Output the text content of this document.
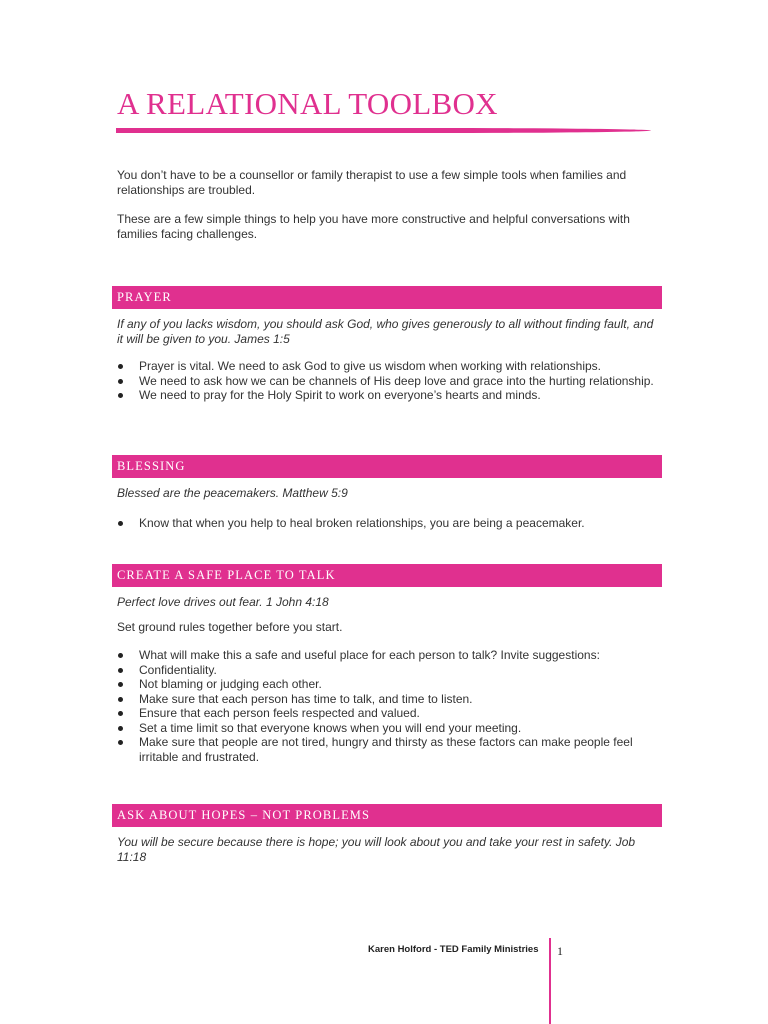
A RELATIONAL TOOLBOX

You don’t have to be a counsellor or family therapist to use a few simple tools when families and relationships are troubled.

These are a few simple things to help you have more constructive and helpful conversations with families facing challenges.

PRAYER

If any of you lacks wisdom, you should ask God, who gives generously to all without finding fault, and it will be given to you. James 1:5

Prayer is vital. We need to ask God to give us wisdom when working with relationships.
We need to ask how we can be channels of His deep love and grace into the hurting relationship.
We need to pray for the Holy Spirit to work on everyone’s hearts and minds.
BLESSING

Blessed are the peacemakers. Matthew 5:9

Know that when you help to heal broken relationships, you are being a peacemaker.
CREATE A SAFE PLACE TO TALK

Perfect love drives out fear. 1 John 4:18

Set ground rules together before you start.

What will make this a safe and useful place for each person to talk? Invite suggestions:
Confidentiality.
Not blaming or judging each other.
Make sure that each person has time to talk, and time to listen.
Ensure that each person feels respected and valued.
Set a time limit so that everyone knows when you will end your meeting.
Make sure that people are not tired, hungry and thirsty as these factors can make people feel irritable and frustrated.
ASK ABOUT HOPES – NOT PROBLEMS

You will be secure because there is hope; you will look about you and take your rest in safety. Job 11:18

Karen Holford - TED Family Ministries 1
